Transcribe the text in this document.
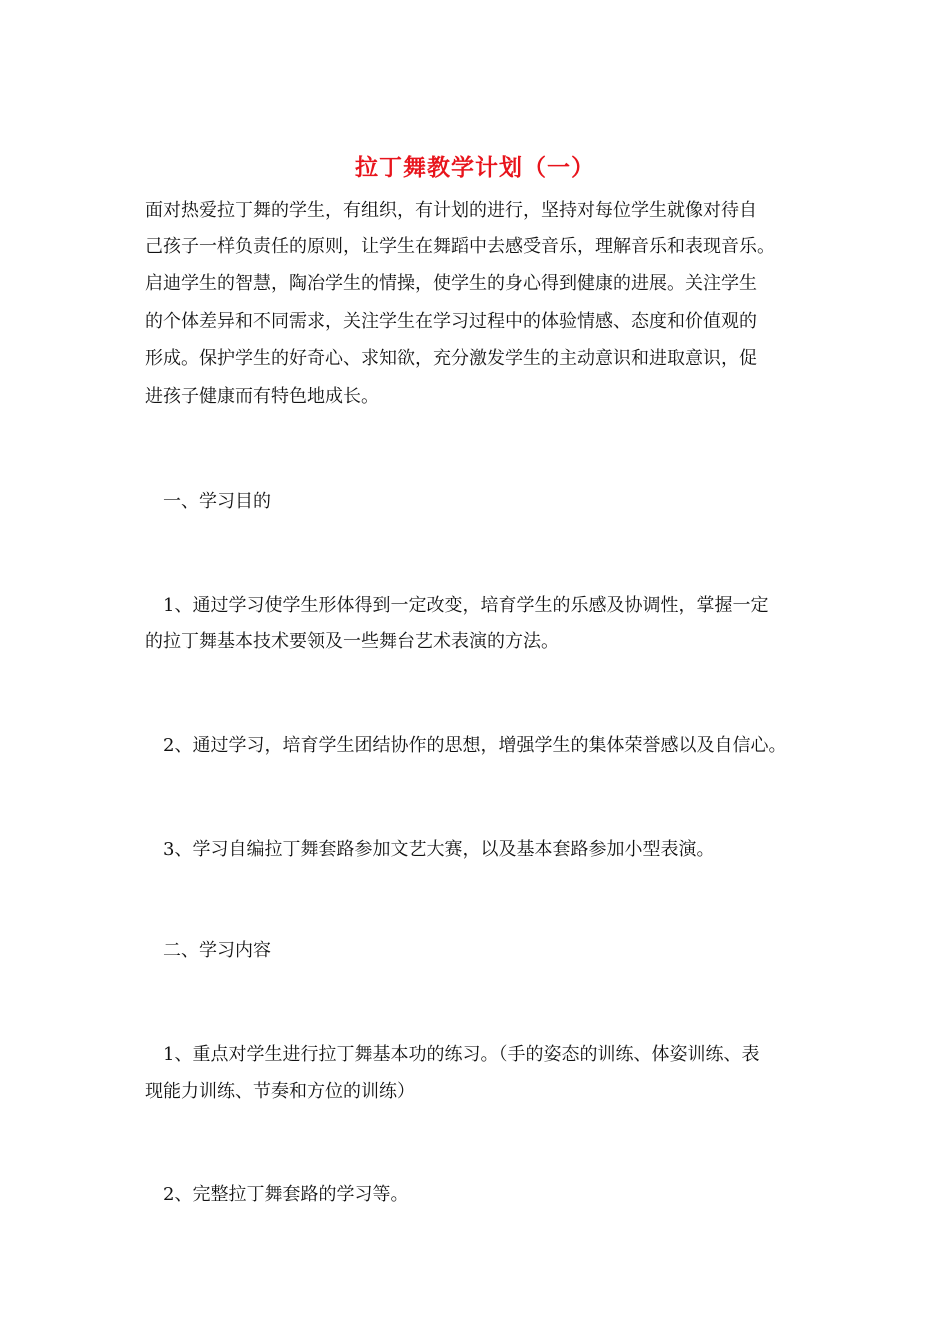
拉丁舞教学计划（一）
面对热爱拉丁舞的学生，有组织，有计划的进行，坚持对每位学生就像对待自
己孩子一样负责任的原则，让学生在舞蹈中去感受音乐，理解音乐和表现音乐。
启迪学生的智慧，陶冶学生的情操，使学生的身心得到健康的进展。关注学生
的个体差异和不同需求，关注学生在学习过程中的体验情感、态度和价值观的
形成。保护学生的好奇心、求知欲，充分激发学生的主动意识和进取意识，促
进孩子健康而有特色地成长。
一、学习目的
1、通过学习使学生形体得到一定改变，培育学生的乐感及协调性，掌握一定
的拉丁舞基本技术要领及一些舞台艺术表演的方法。
2、通过学习，培育学生团结协作的思想，增强学生的集体荣誉感以及自信心。
3、学习自编拉丁舞套路参加文艺大赛，以及基本套路参加小型表演。
二、学习内容
1、重点对学生进行拉丁舞基本功的练习。（手的姿态的训练、体姿训练、表
现能力训练、节奏和方位的训练）
2、完整拉丁舞套路的学习等。
